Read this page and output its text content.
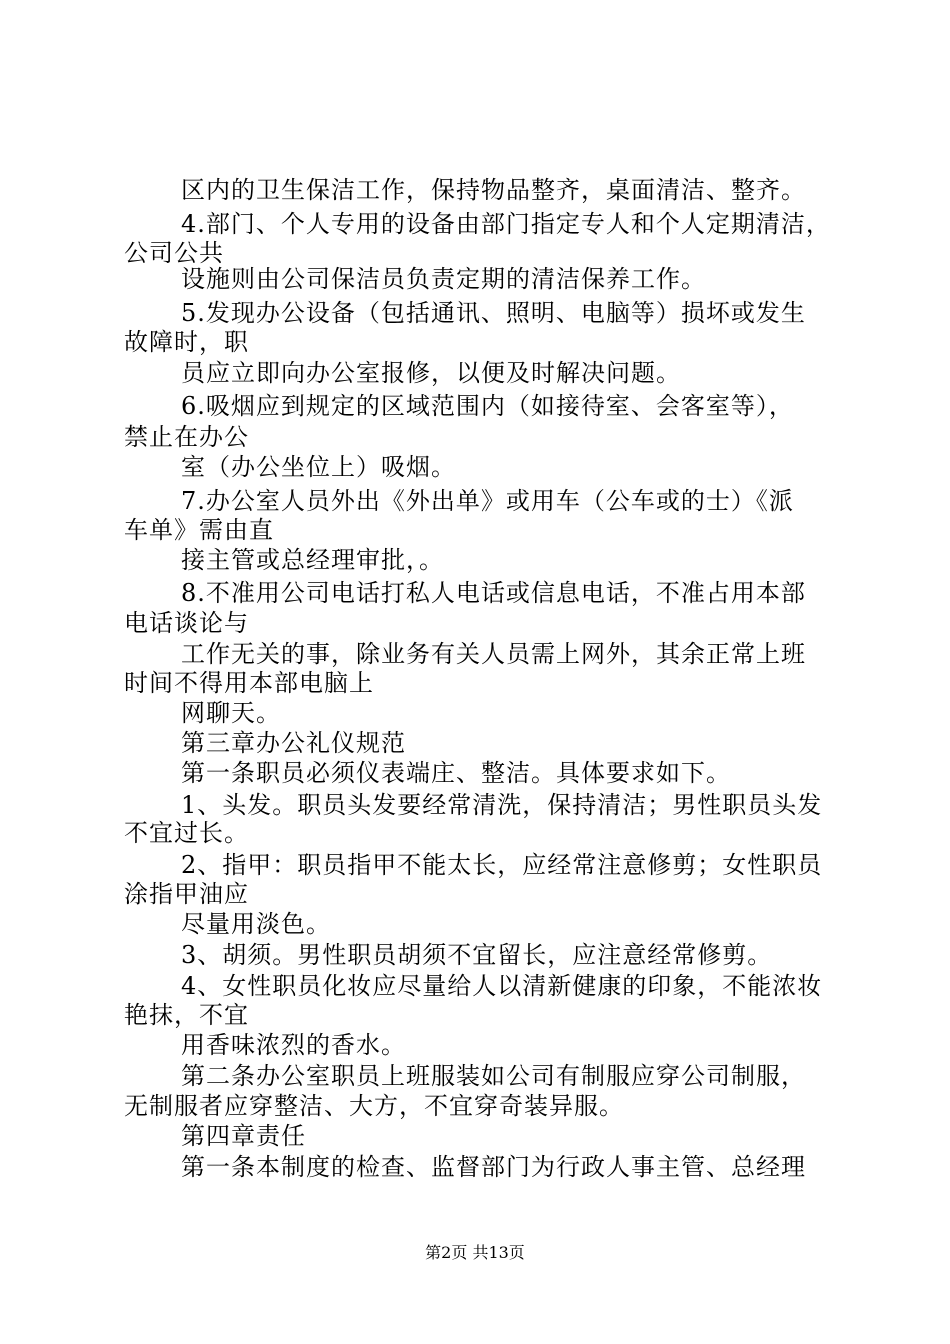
区内的卫生保洁工作，保持物品整齐，桌面清洁、整齐。
4.部门、个人专用的设备由部门指定专人和个人定期清洁，
公司公共
设施则由公司保洁员负责定期的清洁保养工作。
5.发现办公设备（包括通讯、照明、电脑等）损坏或发生
故障时，职
员应立即向办公室报修，以便及时解决问题。
6.吸烟应到规定的区域范围内（如接待室、会客室等），
禁止在办公
室（办公坐位上）吸烟。
7.办公室人员外出《外出单》或用车（公车或的士）《派
车单》需由直
接主管或总经理审批，。
8.不准用公司电话打私人电话或信息电话，不准占用本部
电话谈论与
工作无关的事，除业务有关人员需上网外，其余正常上班
时间不得用本部电脑上
网聊天。
第三章办公礼仪规范
第一条职员必须仪表端庄、整洁。具体要求如下。
1、头发。职员头发要经常清洗，保持清洁；男性职员头发
不宜过长。
2、指甲：职员指甲不能太长，应经常注意修剪；女性职员
涂指甲油应
尽量用淡色。
3、胡须。男性职员胡须不宜留长，应注意经常修剪。
4、女性职员化妆应尽量给人以清新健康的印象，不能浓妆
艳抹，不宜
用香味浓烈的香水。
第二条办公室职员上班服装如公司有制服应穿公司制服，
无制服者应穿整洁、大方，不宜穿奇装异服。
第四章责任
第一条本制度的检查、监督部门为行政人事主管、总经理
第2页 共13页
